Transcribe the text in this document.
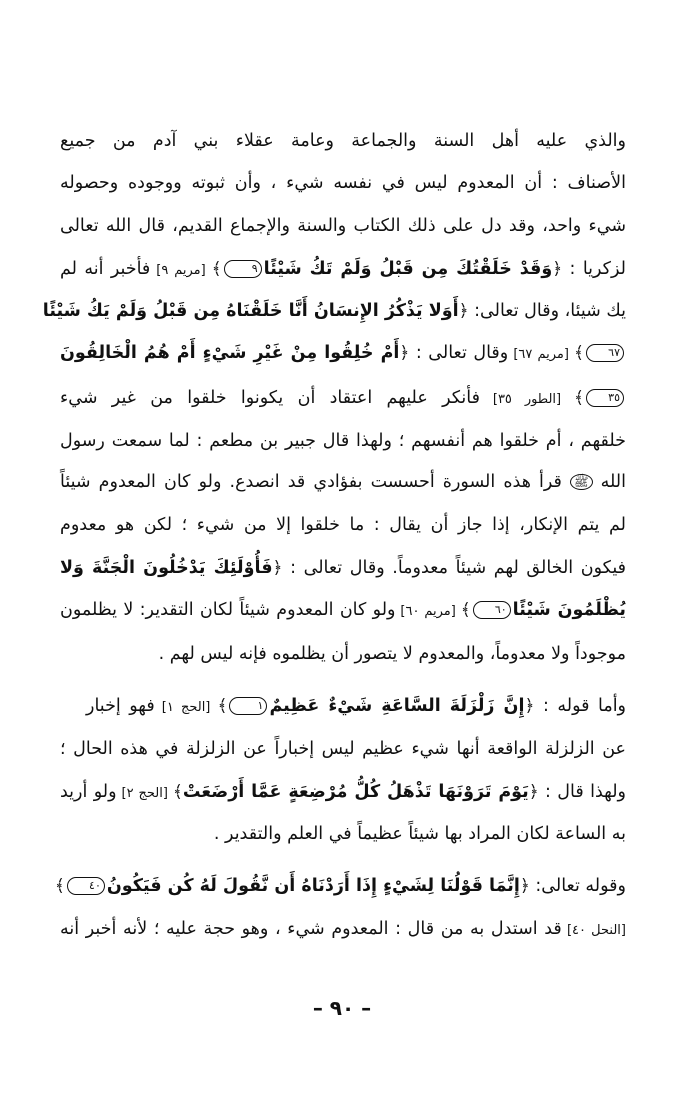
والذي عليه أهل السنة والجماعة وعامة عقلاء بني آدم من جميع
الأصناف : أن المعدوم ليس في نفسه شيء ، وأن ثبوته ووجوده وحصوله
شيء واحد، وقد دل على ذلك الكتاب والسنة والإجماع القديم، قال الله تعالى
لزكريا : ﴿وَقَدْ خَلَقْتُكَ مِن قَبْلُ وَلَمْ تَكُ شَيْئًا٩﴾ [مريم ٩] فأخبر أنه لم
يك شيئا، وقال تعالى: ﴿أَوَلا يَذْكُرُ الإِنسَانُ أَنَّا خَلَقْنَاهُ مِن قَبْلُ وَلَمْ يَكُ شَيْئًا
٦٧﴾ [مريم ٦٧] وقال تعالى : ﴿أَمْ خُلِقُوا مِنْ غَيْرِ شَيْءٍ أَمْ هُمُ الْخَالِقُونَ
٣٥﴾ [الطور ٣٥] فأنكر عليهم اعتقاد أن يكونوا خلقوا من غير شيء
خلقهم ، أم خلقوا هم أنفسهم ؛ ولهذا قال جبير بن مطعم : لما سمعت رسول
الله ﷺ قرأ هذه السورة أحسست بفؤادي قد انصدع. ولو كان المعدوم شيئاً
لم يتم الإنكار، إذا جاز أن يقال : ما خلقوا إلا من شيء ؛ لكن هو معدوم
فيكون الخالق لهم شيئاً معدوماً. وقال تعالى : ﴿فَأُوْلَئِكَ يَدْخُلُونَ الْجَنَّةَ وَلا
يُظْلَمُونَ شَيْئًا٦٠﴾ [مريم ٦٠] ولو كان المعدوم شيئاً لكان التقدير: لا يظلمون
موجوداً ولا معدوماً، والمعدوم لا يتصور أن يظلموه فإنه ليس لهم .
وأما قوله : ﴿إِنَّ زَلْزَلَةَ السَّاعَةِ شَيْءٌ عَظِيمٌ١﴾ [الحج ١] فهو إخبار
عن الزلزلة الواقعة أنها شيء عظيم ليس إخباراً عن الزلزلة في هذه الحال ؛
ولهذا قال : ﴿يَوْمَ تَرَوْنَهَا تَذْهَلُ كُلُّ مُرْضِعَةٍ عَمَّا أَرْضَعَتْ﴾ [الحج ٢] ولو أريد
به الساعة لكان المراد بها شيئاً عظيماً في العلم والتقدير .
وقوله تعالى: ﴿إِنَّمَا قَوْلُنَا لِشَيْءٍ إِذَا أَرَدْنَاهُ أَن نَّقُولَ لَهُ كُن فَيَكُونُ٤٠﴾
[النحل ٤٠] قد استدل به من قال : المعدوم شيء ، وهو حجة عليه ؛ لأنه أخبر أنه
– ٩٠ –
